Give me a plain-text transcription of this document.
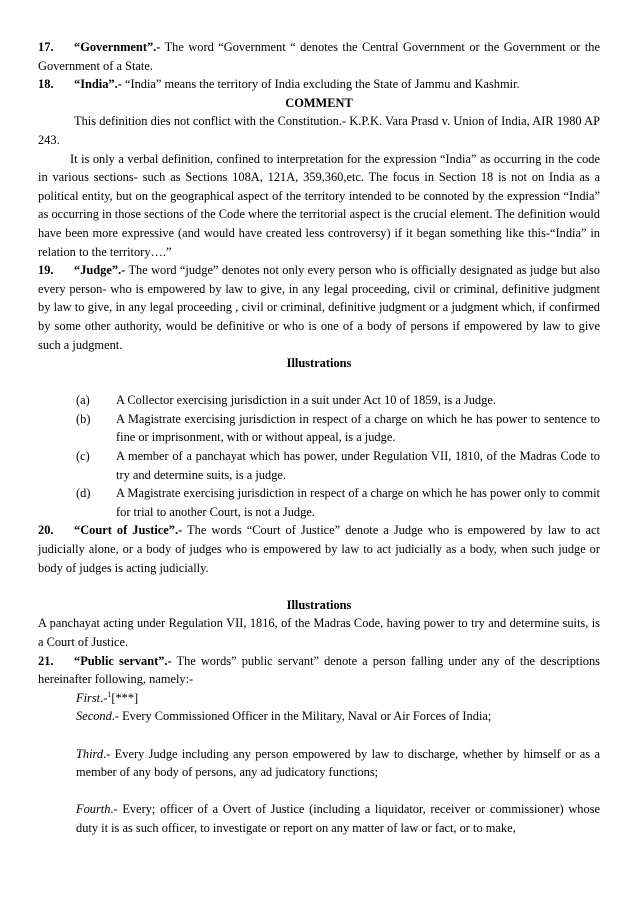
17. “Government”.- The word “Government “ denotes the Central Government or the Government or the Government of a State.

18. “India”.- “India” means the territory of India excluding the State of Jammu and Kashmir.

COMMENT

This definition dies not conflict with the Constitution.- K.P.K. Vara Prasd v. Union of India, AIR 1980 AP 243.

It is only a verbal definition, confined to interpretation for the expression “India” as occurring in the code in various sections- such as Sections 108A, 121A, 359,360,etc. The focus in Section 18 is not on India as a political entity, but on the geographical aspect of the territory intended to be connoted by the expression “India” as occurring in those sections of the Code where the territorial aspect is the crucial element. The definition would have been more expressive (and would have created less controversy) if it began something like this-“India” in relation to the territory….”

19. “Judge”.- The word “judge” denotes not only every person who is officially designated as judge but also every person- who is empowered by law to give, in any legal proceeding, civil or criminal, definitive judgment by law to give, in any legal proceeding , civil or criminal, definitive judgment or a judgment which, if confirmed by some other authority, would be definitive or who is one of a body of persons if empowered by law to give such a judgment.

Illustrations

(a)	A Collector exercising jurisdiction in a suit under Act 10 of 1859, is a Judge.
(b)	A Magistrate exercising jurisdiction in respect of a charge on which he has power to sentence to fine or imprisonment, with or without appeal, is a judge.
(c)	A member of a panchayat which has power, under Regulation VII, 1810, of the Madras Code to try and determine suits, is a judge.
(d)	A Magistrate exercising jurisdiction in respect of a charge on which he has power only to commit for trial to another Court, is not a Judge.

20. “Court of Justice”.- The words “Court of Justice” denote a Judge who is empowered by law to act judicially alone, or a body of judges who is empowered by law to act judicially as a body, when such judge or body of judges is acting judicially.

Illustrations

A panchayat acting under Regulation VII, 1816, of the Madras Code, having power to try and determine suits, is a Court of Justice.

21. “Public servant”.- The words” public servant” denote a person falling under any of the descriptions hereinafter following, namely:-

First.-$^1$[***]

Second.- Every Commissioned Officer in the Military, Naval or Air Forces of India;

Third.- Every Judge including any person empowered by law to discharge, whether by himself or as a member of any body of persons, any ad judicatory functions;

Fourth.- Every; officer of a Overt of Justice (including a liquidator, receiver or commissioner) whose duty it is as such officer, to investigate or report on any matter of law or fact, or to make,
